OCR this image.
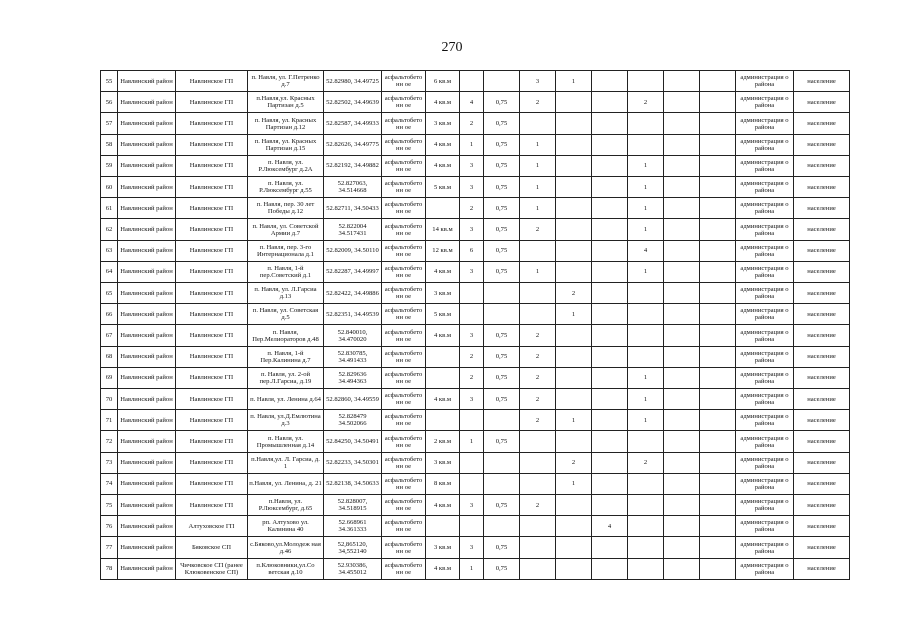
270
55	Навлинский район	Навлинское ГП	п. Навля, ул. Г.Петренко д.7	52.82980, 34.49725	асфальтобетонн ое	6 кв.м			3	1					администрация о района	население
56	Навлинский район	Навлинское ГП	п.Навля,ул. Красных Партизан д.5	52.82502, 34.49639	асфальтобетонн ое	4 кв.м	4	0,75	2			2			администрация о района	население
57	Навлинский район	Навлинское ГП	п. Навля, ул. Красных Партизан д.12	52.82587, 34.49933	асфальтобетонн ое	3 кв.м	2	0,75							администрация о района	население
58	Навлинский район	Навлинское ГП	п. Навля, ул. Красных Партизан д.15	52.82626, 34.49775	асфальтобетонн ое	4 кв.м	1	0,75	1						администрация о района	население
59	Навлинский район	Навлинское ГП	п. Навля, ул. Р.Люксембург д.2А	52.82192, 34.49882	асфальтобетонн ое	4 кв.м	3	0,75	1			1			администрация о района	население
60	Навлинский район	Навлинское ГП	п. Навля, ул. Р.Люксембург д.55	52.827063, 34.514668	асфальтобетонн ое	5 кв.м	3	0,75	1			1			администрация о района	население
61	Навлинский район	Навлинское ГП	п. Навля, пер. 30 лет Победы д.12	52.82711, 34.50433	асфальтобетонн ое		2	0,75	1			1			администрация о района	население
62	Навлинский район	Навлинское ГП	п. Навля, ул. Советской Армии д.7	52.822004 34.517431	асфальтобетонн ое	14 кв.м	3	0,75	2			1			администрация о района	население
63	Навлинский район	Навлинское ГП	п. Навля, пер. 3-го Интернационала д.1	52.82009, 34.50110	асфальтобетонн ое	12 кв.м	6	0,75				4			администрация о района	население
64	Навлинский район	Навлинское ГП	п. Навля, 1-й пер.Советский д.1	52.82287, 34.49997	асфальтобетонн ое	4 кв.м	3	0,75	1			1			администрация о района	население
65	Навлинский район	Навлинское ГП	п. Навля, ул. Л.Гарсиа д.13	52.82422, 34.49886	асфальтобетонн ое	3 кв.м				2					администрация о района	население
66	Навлинский район	Навлинское ГП	п. Навля, ул. Советская д.5	52.82351, 34.49539	асфальтобетонн ое	5 кв.м				1					администрация о района	население
67	Навлинский район	Навлинское ГП	п. Навля, Пер.Мелиораторов д.48	52.840010, 34.470020	асфальтобетонн ое	4 кв.м	3	0,75	2						администрация о района	население
68	Навлинский район	Навлинское ГП	п. Навля, 1-й Пер.Калинина д.7	52.830785, 34.491433	асфальтобетонн ое		2	0,75	2						администрация о района	население
69	Навлинский район	Навлинское ГП	п. Навля, ул. 2-ой пер.Л.Гарсиа, д.19	52.829636 34.494363	асфальтобетонн ое		2	0,75	2			1			администрация о района	население
70	Навлинский район	Навлинское ГП	п. Навля, ул. Ленина д.64	52.82860, 34.49559	асфальтобетонн ое	4 кв.м	3	0,75	2			1			администрация о района	население
71	Навлинский район	Навлинское ГП	п. Навля, ул.Д.Емлютина д.3	52.828479 34.502066	асфальтобетонн ое				2	1		1			администрация о района	население
72	Навлинский район	Навлинское ГП	п. Навля, ул. Промышленная д.14	52.84250, 34.50491	асфальтобетонн ое	2 кв.м	1	0,75							администрация о района	население
73	Навлинский район	Навлинское ГП	п.Навля,ул. Л. Гарсиа, д. 1	52.82233, 34.50301	асфальтобетонн ое	3 кв.м				2		2			администрация о района	население
74	Навлинский район	Навлинское ГП	п.Навля, ул. Ленина, д. 21	52.82138, 34.50633	асфальтобетонн ое	8 кв.м				1					администрация о района	население
75	Навлинский район	Навлинское ГП	п.Навля, ул. Р.Люксембург, д.65	52.828007, 34.518915	асфальтобетонн ое	4 кв.м	3	0,75	2						администрация о района	население
76	Навлинский район	Алтуховское ГП	рп. Алтухово ул. Калинина 40	52.668961 34.361333	асфальтобетонн ое						4				администрация о района	население
77	Навлинский район	Бяковское СП	с.Бяково,ул.Молодеж ная д.46	52,865120, 34,552140	асфальтобетонн ое	3 кв.м	3	0,75							администрация о района	население
78	Навлинский район	Чичковское СП (ранее Клюковенское СП)	п.Клюковники,ул.Со ветская д.10	52.930386, 34.455012	асфальтобетонн ое	4 кв.м	1	0,75							администрация о района	население
